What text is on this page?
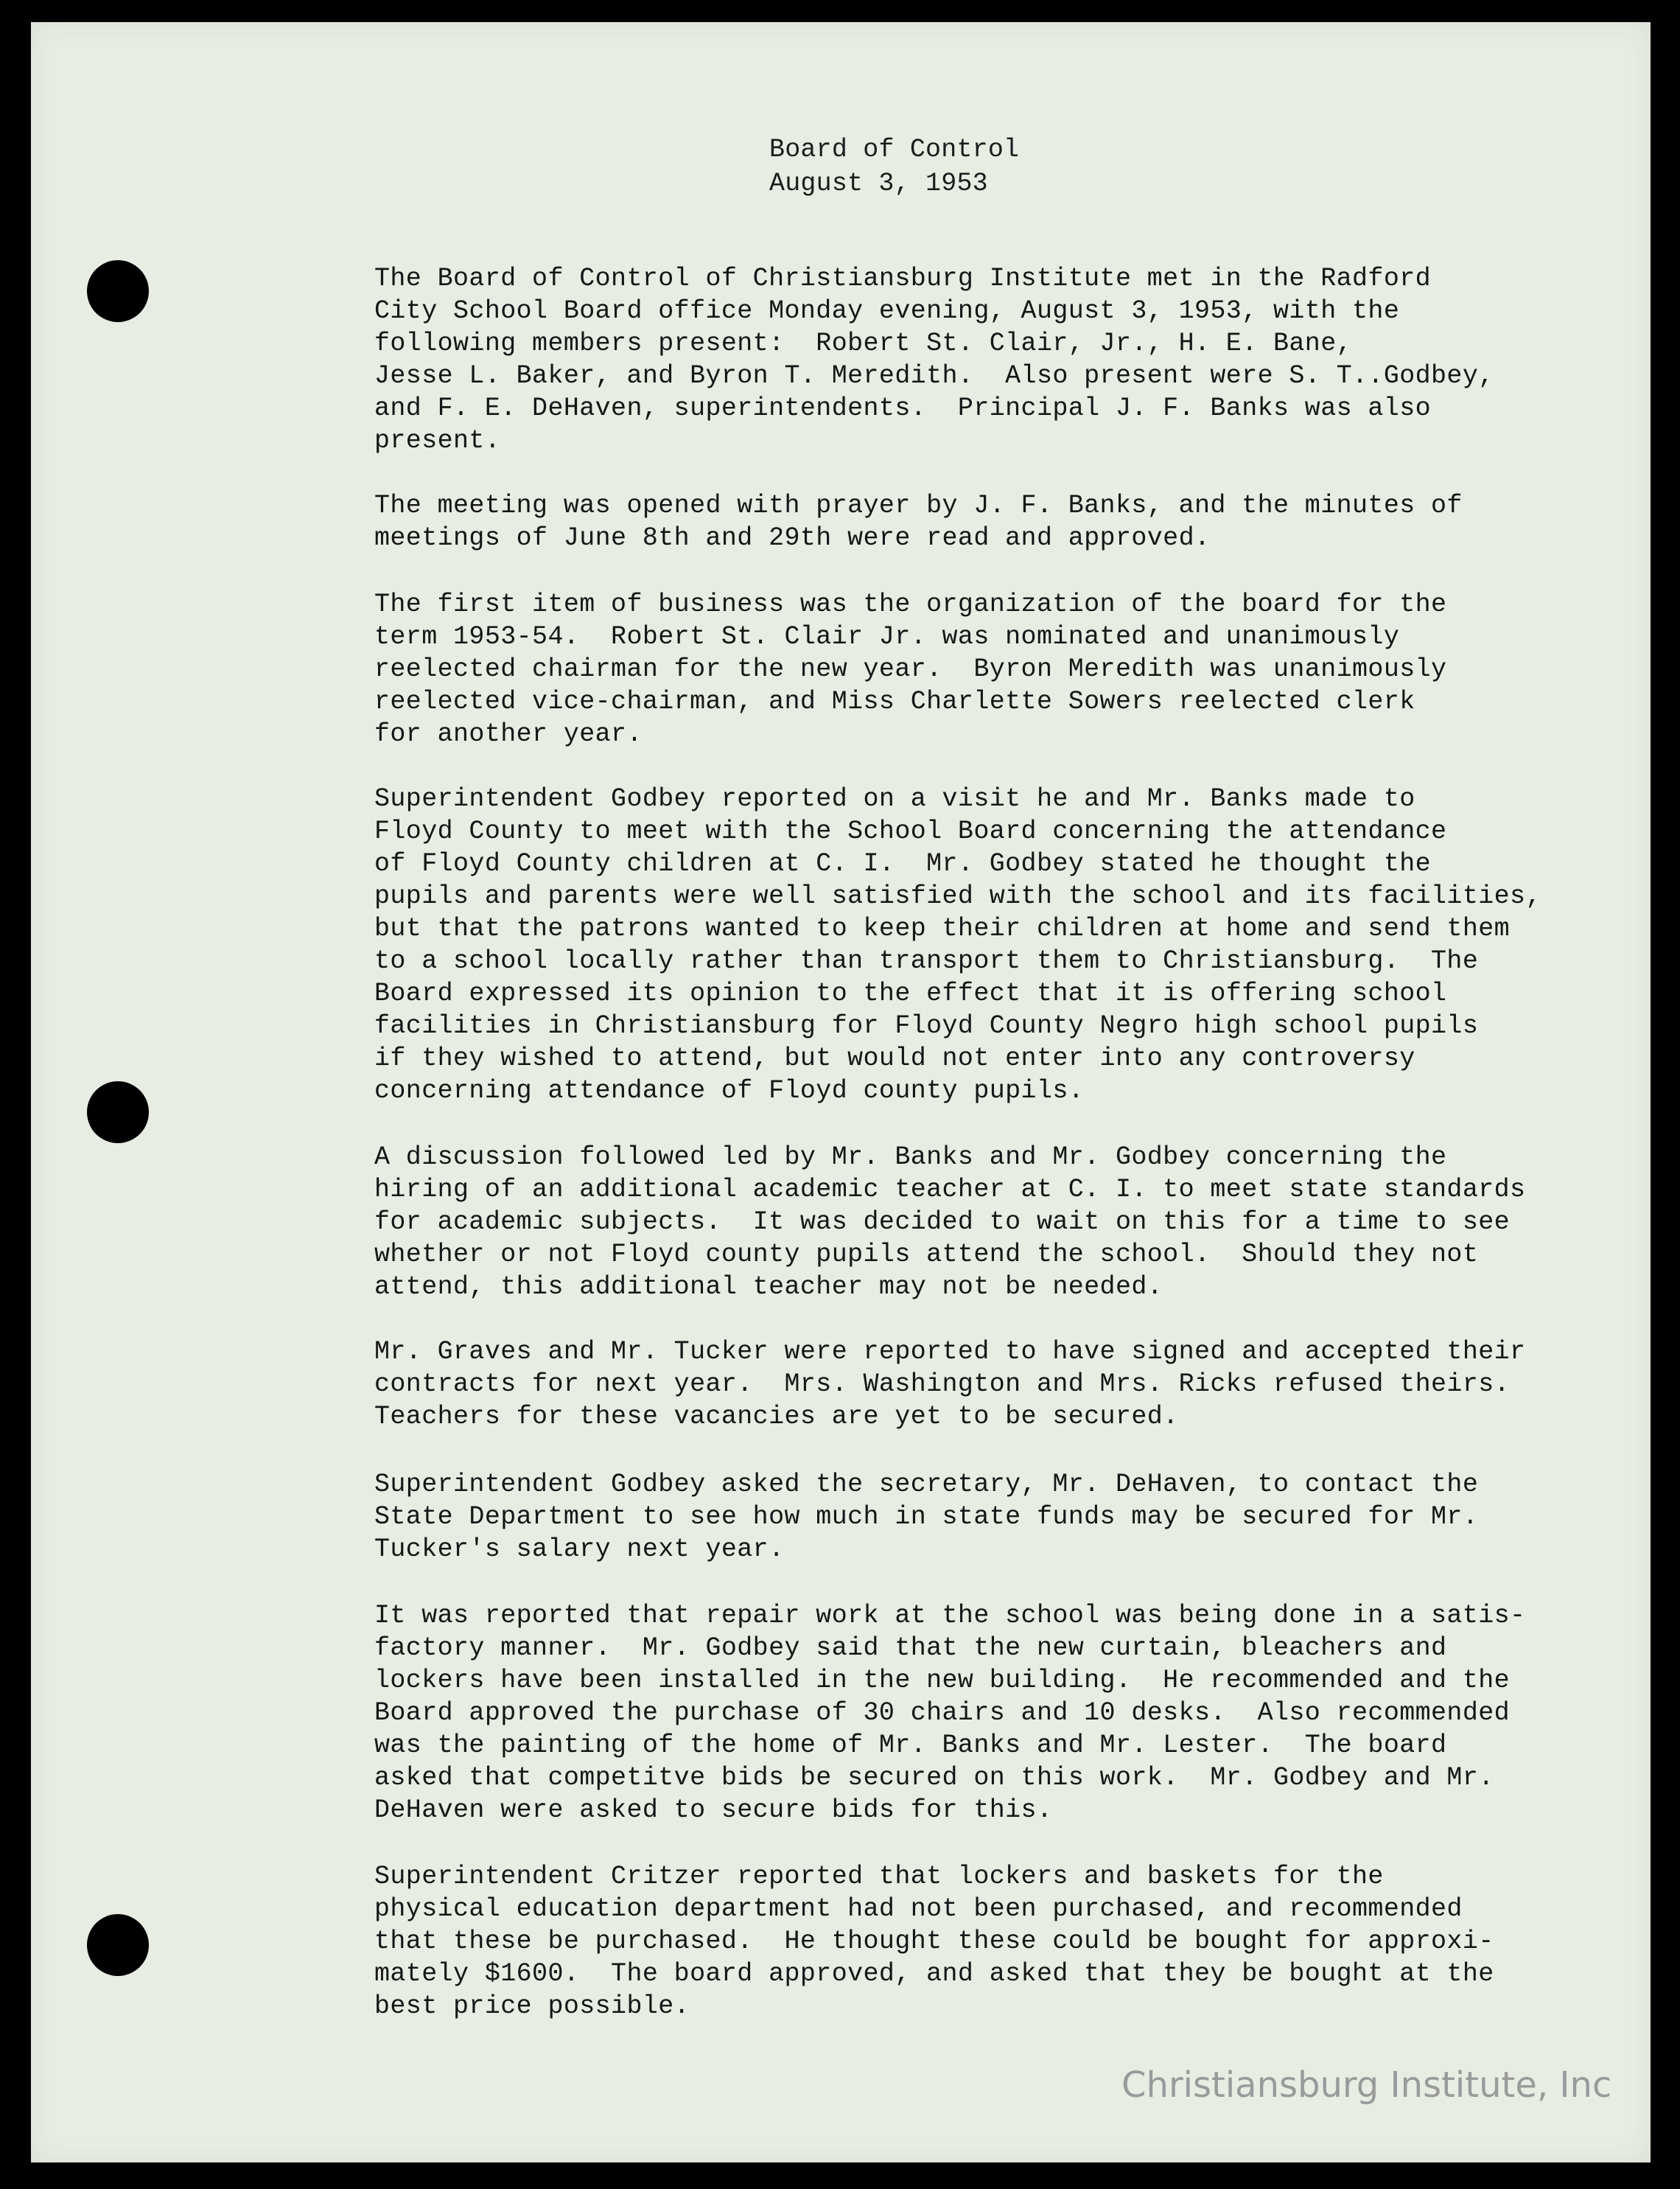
Board of Control
August 3, 1953
The Board of Control of Christiansburg Institute met in the Radford
City School Board office Monday evening, August 3, 1953, with the
following members present:  Robert St. Clair, Jr., H. E. Bane,
Jesse L. Baker, and Byron T. Meredith.  Also present were S. T..Godbey,
and F. E. DeHaven, superintendents.  Principal J. F. Banks was also
present.
The meeting was opened with prayer by J. F. Banks, and the minutes of
meetings of June 8th and 29th were read and approved.
The first item of business was the organization of the board for the
term 1953-54.  Robert St. Clair Jr. was nominated and unanimously
reelected chairman for the new year.  Byron Meredith was unanimously
reelected vice-chairman, and Miss Charlette Sowers reelected clerk
for another year.
Superintendent Godbey reported on a visit he and Mr. Banks made to
Floyd County to meet with the School Board concerning the attendance
of Floyd County children at C. I.  Mr. Godbey stated he thought the
pupils and parents were well satisfied with the school and its facilities,
but that the patrons wanted to keep their children at home and send them
to a school locally rather than transport them to Christiansburg.  The
Board expressed its opinion to the effect that it is offering school
facilities in Christiansburg for Floyd County Negro high school pupils
if they wished to attend, but would not enter into any controversy
concerning attendance of Floyd county pupils.
A discussion followed led by Mr. Banks and Mr. Godbey concerning the
hiring of an additional academic teacher at C. I. to meet state standards
for academic subjects.  It was decided to wait on this for a time to see
whether or not Floyd county pupils attend the school.  Should they not
attend, this additional teacher may not be needed.
Mr. Graves and Mr. Tucker were reported to have signed and accepted their
contracts for next year.  Mrs. Washington and Mrs. Ricks refused theirs.
Teachers for these vacancies are yet to be secured.
Superintendent Godbey asked the secretary, Mr. DeHaven, to contact the
State Department to see how much in state funds may be secured for Mr.
Tucker's salary next year.
It was reported that repair work at the school was being done in a satis-
factory manner.  Mr. Godbey said that the new curtain, bleachers and
lockers have been installed in the new building.  He recommended and the
Board approved the purchase of 30 chairs and 10 desks.  Also recommended
was the painting of the home of Mr. Banks and Mr. Lester.  The board
asked that competitve bids be secured on this work.  Mr. Godbey and Mr.
DeHaven were asked to secure bids for this.
Superintendent Critzer reported that lockers and baskets for the
physical education department had not been purchased, and recommended
that these be purchased.  He thought these could be bought for approxi-
mately $1600.  The board approved, and asked that they be bought at the
best price possible.
Christiansburg Institute, Inc
